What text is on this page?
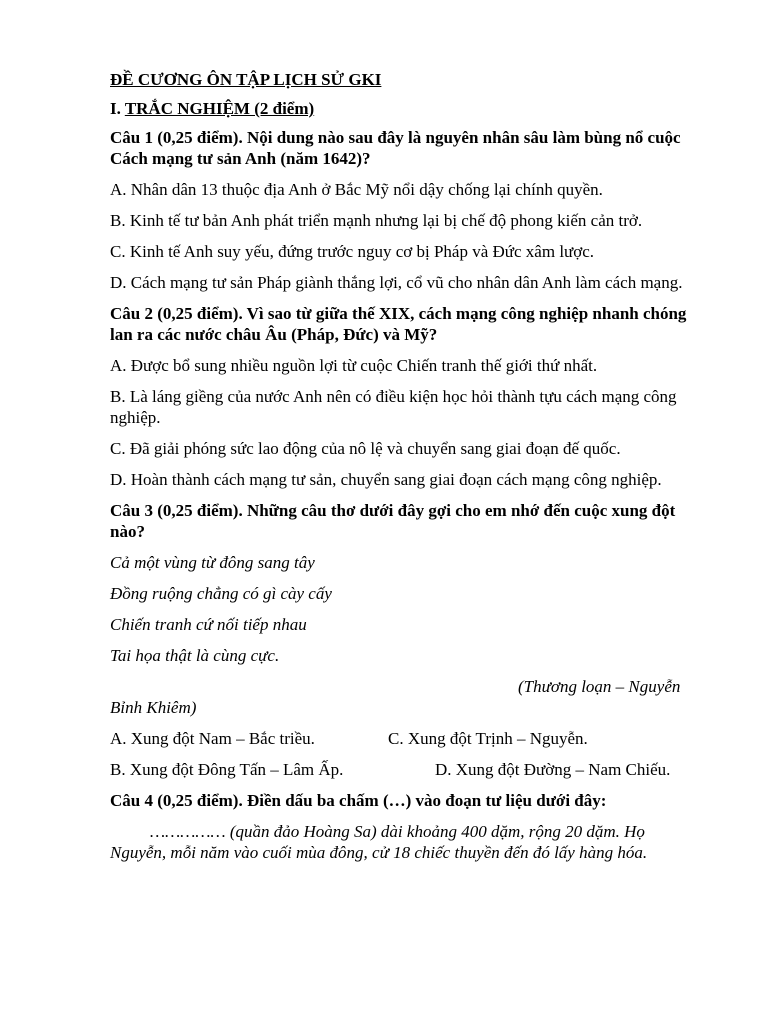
ĐỀ CƯƠNG ÔN TẬP LỊCH SỬ GKI

I. TRẮC NGHIỆM (2 điểm)

Câu 1 (0,25 điểm). Nội dung nào sau đây là nguyên nhân sâu làm bùng nổ cuộc Cách mạng tư sản Anh (năm 1642)?

A. Nhân dân 13 thuộc địa Anh ở Bắc Mỹ nổi dậy chống lại chính quyền.

B. Kinh tế tư bản Anh phát triển mạnh nhưng lại bị chế độ phong kiến cản trở.

C. Kinh tế Anh suy yếu, đứng trước nguy cơ bị Pháp và Đức xâm lược.

D. Cách mạng tư sản Pháp giành thắng lợi, cổ vũ cho nhân dân Anh làm cách mạng.

Câu 2 (0,25 điểm). Vì sao từ giữa thế XIX, cách mạng công nghiệp nhanh chóng lan ra các nước châu Âu (Pháp, Đức) và Mỹ?

A. Được bổ sung nhiều nguồn lợi từ cuộc Chiến tranh thế giới thứ nhất.

B. Là láng giềng của nước Anh nên có điều kiện học hỏi thành tựu cách mạng công nghiệp.

C. Đã giải phóng sức lao động của nô lệ và chuyển sang giai đoạn đế quốc.

D. Hoàn thành cách mạng tư sản, chuyển sang giai đoạn cách mạng công nghiệp.

Câu 3 (0,25 điểm). Những câu thơ dưới đây gợi cho em nhớ đến cuộc xung đột nào?

Cả một vùng từ đông sang tây

Đồng ruộng chẳng có gì cày cấy

Chiến tranh cứ nối tiếp nhau

Tai họa thật là cùng cực.

(Thương loạn – Nguyễn Bỉnh Khiêm)

A. Xung đột Nam – Bắc triều.	C. Xung đột Trịnh – Nguyễn.
B. Xung đột Đông Tấn – Lâm Ấp.	D. Xung đột Đường – Nam Chiếu.

Câu 4 (0,25 điểm). Điền dấu ba chấm (…) vào đoạn tư liệu dưới đây:

…………… (quần đảo Hoàng Sa) dài khoảng 400 dặm, rộng 20 dặm. Họ Nguyễn, mỗi năm vào cuối mùa đông, cử 18 chiếc thuyền đến đó lấy hàng hóa.
